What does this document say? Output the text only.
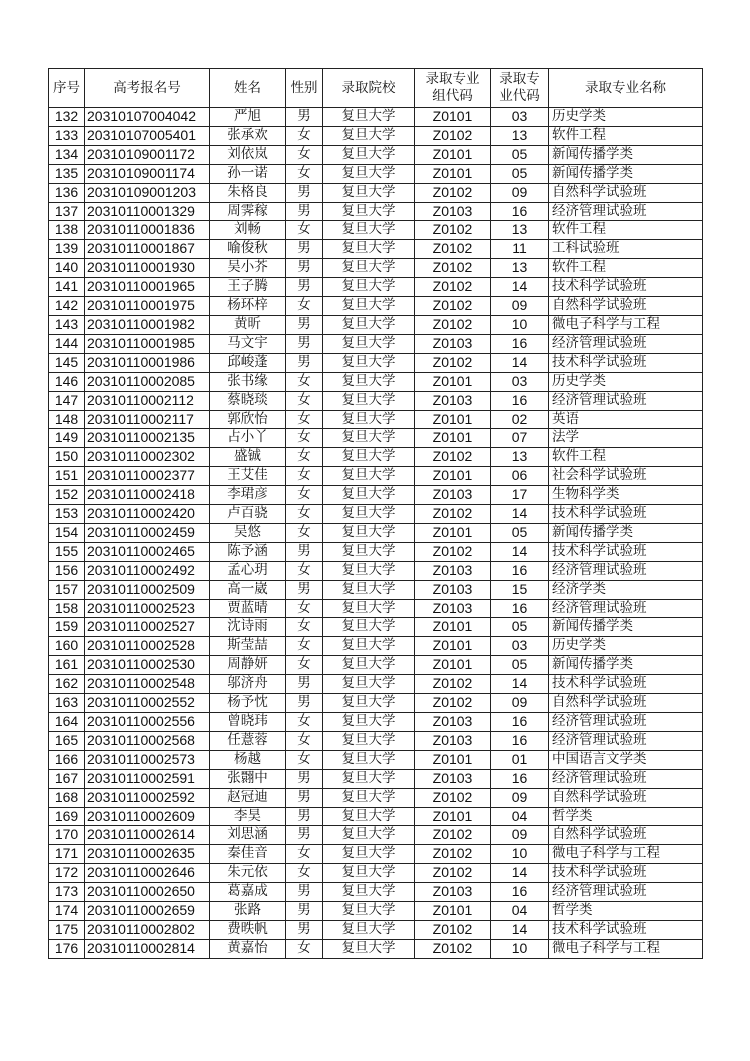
序号	高考报名号	姓名	性别	录取院校	录取专业组代码	录取专业代码	录取专业名称
132	20310107004042	严旭	男	复旦大学	Z0101	03	历史学类
133	20310107005401	张承欢	女	复旦大学	Z0102	13	软件工程
134	20310109001172	刘依岚	女	复旦大学	Z0101	05	新闻传播学类
135	20310109001174	孙一诺	女	复旦大学	Z0101	05	新闻传播学类
136	20310109001203	朱格良	男	复旦大学	Z0102	09	自然科学试验班
137	20310110001329	周霁稼	男	复旦大学	Z0103	16	经济管理试验班
138	20310110001836	刘畅	女	复旦大学	Z0102	13	软件工程
139	20310110001867	喻俊秋	男	复旦大学	Z0102	11	工科试验班
140	20310110001930	吴小芥	男	复旦大学	Z0102	13	软件工程
141	20310110001965	王子腾	男	复旦大学	Z0102	14	技术科学试验班
142	20310110001975	杨环梓	女	复旦大学	Z0102	09	自然科学试验班
143	20310110001982	黄昕	男	复旦大学	Z0102	10	微电子科学与工程
144	20310110001985	马文宇	男	复旦大学	Z0103	16	经济管理试验班
145	20310110001986	邱峻蓬	男	复旦大学	Z0102	14	技术科学试验班
146	20310110002085	张书缘	女	复旦大学	Z0101	03	历史学类
147	20310110002112	蔡晓琰	女	复旦大学	Z0103	16	经济管理试验班
148	20310110002117	郭欣怡	女	复旦大学	Z0101	02	英语
149	20310110002135	占小丫	女	复旦大学	Z0101	07	法学
150	20310110002302	盛铖	女	复旦大学	Z0102	13	软件工程
151	20310110002377	王艾佳	女	复旦大学	Z0101	06	社会科学试验班
152	20310110002418	李珺彦	女	复旦大学	Z0103	17	生物科学类
153	20310110002420	卢百骁	女	复旦大学	Z0102	14	技术科学试验班
154	20310110002459	吴悠	女	复旦大学	Z0101	05	新闻传播学类
155	20310110002465	陈予涵	男	复旦大学	Z0102	14	技术科学试验班
156	20310110002492	孟心玥	女	复旦大学	Z0103	16	经济管理试验班
157	20310110002509	高一崴	男	复旦大学	Z0103	15	经济学类
158	20310110002523	贾蓝晴	女	复旦大学	Z0103	16	经济管理试验班
159	20310110002527	沈诗雨	女	复旦大学	Z0101	05	新闻传播学类
160	20310110002528	斯莹喆	女	复旦大学	Z0101	03	历史学类
161	20310110002530	周静妍	女	复旦大学	Z0101	05	新闻传播学类
162	20310110002548	邬济舟	男	复旦大学	Z0102	14	技术科学试验班
163	20310110002552	杨予忱	男	复旦大学	Z0102	09	自然科学试验班
164	20310110002556	曾晓玮	女	复旦大学	Z0103	16	经济管理试验班
165	20310110002568	任薏蓉	女	复旦大学	Z0103	16	经济管理试验班
166	20310110002573	杨越	女	复旦大学	Z0101	01	中国语言文学类
167	20310110002591	张翾中	男	复旦大学	Z0103	16	经济管理试验班
168	20310110002592	赵冠迪	男	复旦大学	Z0102	09	自然科学试验班
169	20310110002609	李昊	男	复旦大学	Z0101	04	哲学类
170	20310110002614	刘思涵	男	复旦大学	Z0102	09	自然科学试验班
171	20310110002635	秦佳音	女	复旦大学	Z0102	10	微电子科学与工程
172	20310110002646	朱元依	女	复旦大学	Z0102	14	技术科学试验班
173	20310110002650	葛嘉成	男	复旦大学	Z0103	16	经济管理试验班
174	20310110002659	张路	男	复旦大学	Z0101	04	哲学类
175	20310110002802	费昳帆	男	复旦大学	Z0102	14	技术科学试验班
176	20310110002814	黄嘉怡	女	复旦大学	Z0102	10	微电子科学与工程
